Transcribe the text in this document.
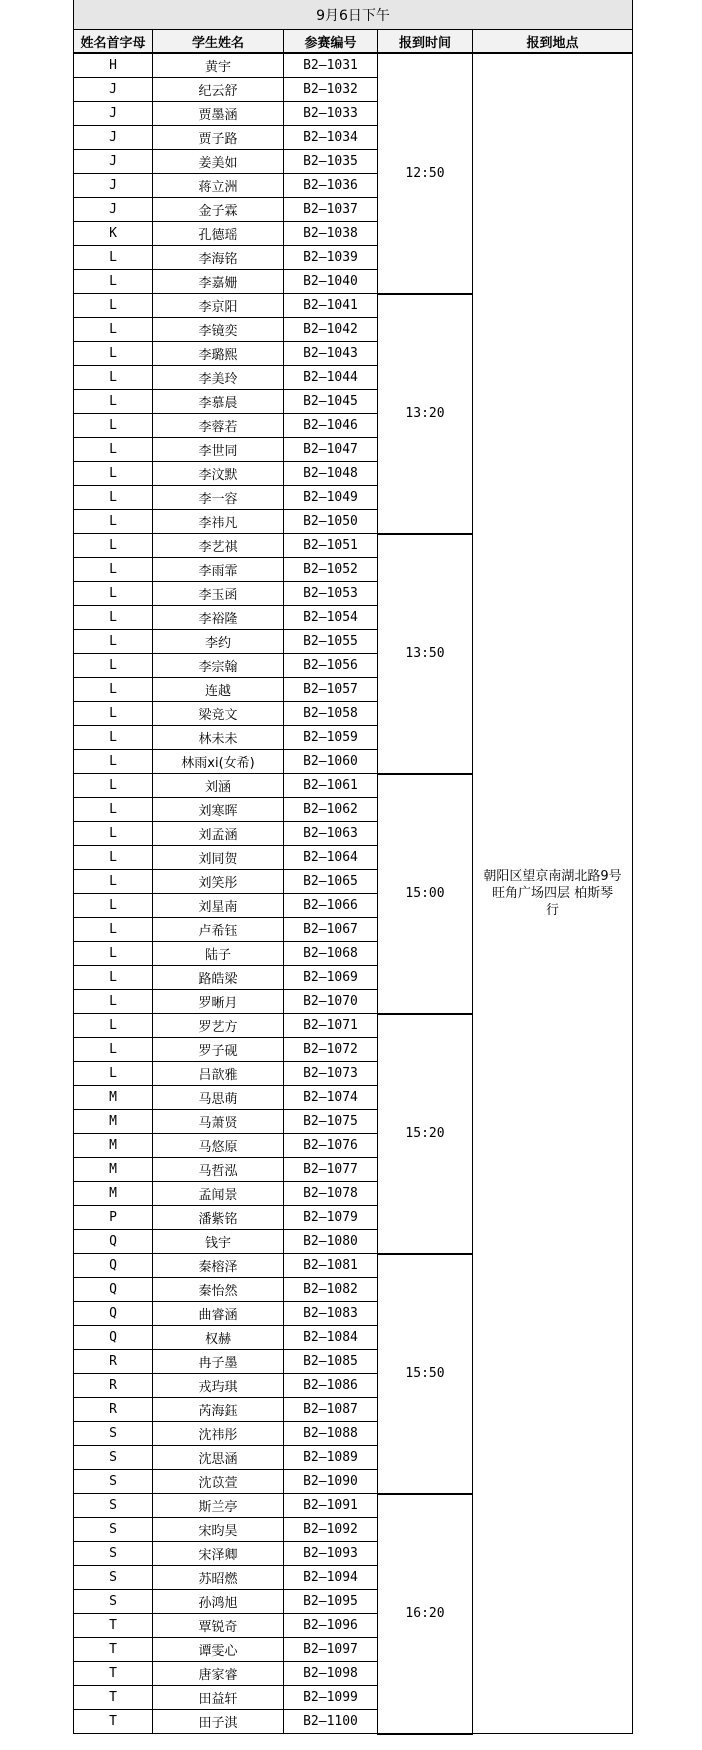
9月6日下午				
姓名首字母	学生姓名	参赛编号	报到时间	报到地点
H	黄宇	B2—1031	12:50	朝阳区望京南湖北路9号
旺角广场四层 柏斯琴
行

J	纪云舒	B2—1032		
J	贾墨涵	B2—1033		
J	贾子路	B2—1034		
J	姜美如	B2—1035		
J	蒋立洲	B2—1036		
J	金子霖	B2—1037		
K	孔德瑶	B2—1038		
L	李海铭	B2—1039		
L	李嘉姗	B2—1040		
L	李京阳	B2—1041	13:20	
L	李镜奕	B2—1042		
L	李璐熙	B2—1043		
L	李美玲	B2—1044		
L	李慕晨	B2—1045		
L	李蓉若	B2—1046		
L	李世同	B2—1047		
L	李汶默	B2—1048		
L	李一容	B2—1049		
L	李祎凡	B2—1050		
L	李艺祺	B2—1051	13:50	
L	李雨霏	B2—1052		
L	李玉函	B2—1053		
L	李裕隆	B2—1054		
L	李约	B2—1055		
L	李宗翰	B2—1056		
L	连越	B2—1057		
L	梁竞文	B2—1058		
L	林未未	B2—1059		
L	林雨xi(女希)	B2—1060		
L	刘涵	B2—1061	15:00	
L	刘寒晖	B2—1062		
L	刘孟涵	B2—1063		
L	刘同贺	B2—1064		
L	刘笑彤	B2—1065		
L	刘星南	B2—1066		
L	卢希钰	B2—1067		
L	陆子	B2—1068		
L	路皓梁	B2—1069		
L	罗晰月	B2—1070		
L	罗艺方	B2—1071	15:20	
L	罗子砚	B2—1072		
L	吕歆雅	B2—1073		
M	马思萌	B2—1074		
M	马萧贤	B2—1075		
M	马悠原	B2—1076		
M	马哲泓	B2—1077		
M	孟闻景	B2—1078		
P	潘紫铭	B2—1079		
Q	钱宇	B2—1080		
Q	秦榕泽	B2—1081	15:50	
Q	秦怡然	B2—1082		
Q	曲睿涵	B2—1083		
Q	权赫	B2—1084		
R	冉子墨	B2—1085		
R	戎玙琪	B2—1086		
R	芮海鈺	B2—1087		
S	沈祎彤	B2—1088		
S	沈思涵	B2—1089		
S	沈苡萱	B2—1090		
S	斯兰亭	B2—1091	16:20	
S	宋昀昊	B2—1092		
S	宋泽卿	B2—1093		
S	苏昭燃	B2—1094		
S	孙鸿旭	B2—1095		
T	覃锐奇	B2—1096		
T	谭雯心	B2—1097		
T	唐家睿	B2—1098		
T	田益轩	B2—1099		
T	田子淇	B2—1100		
